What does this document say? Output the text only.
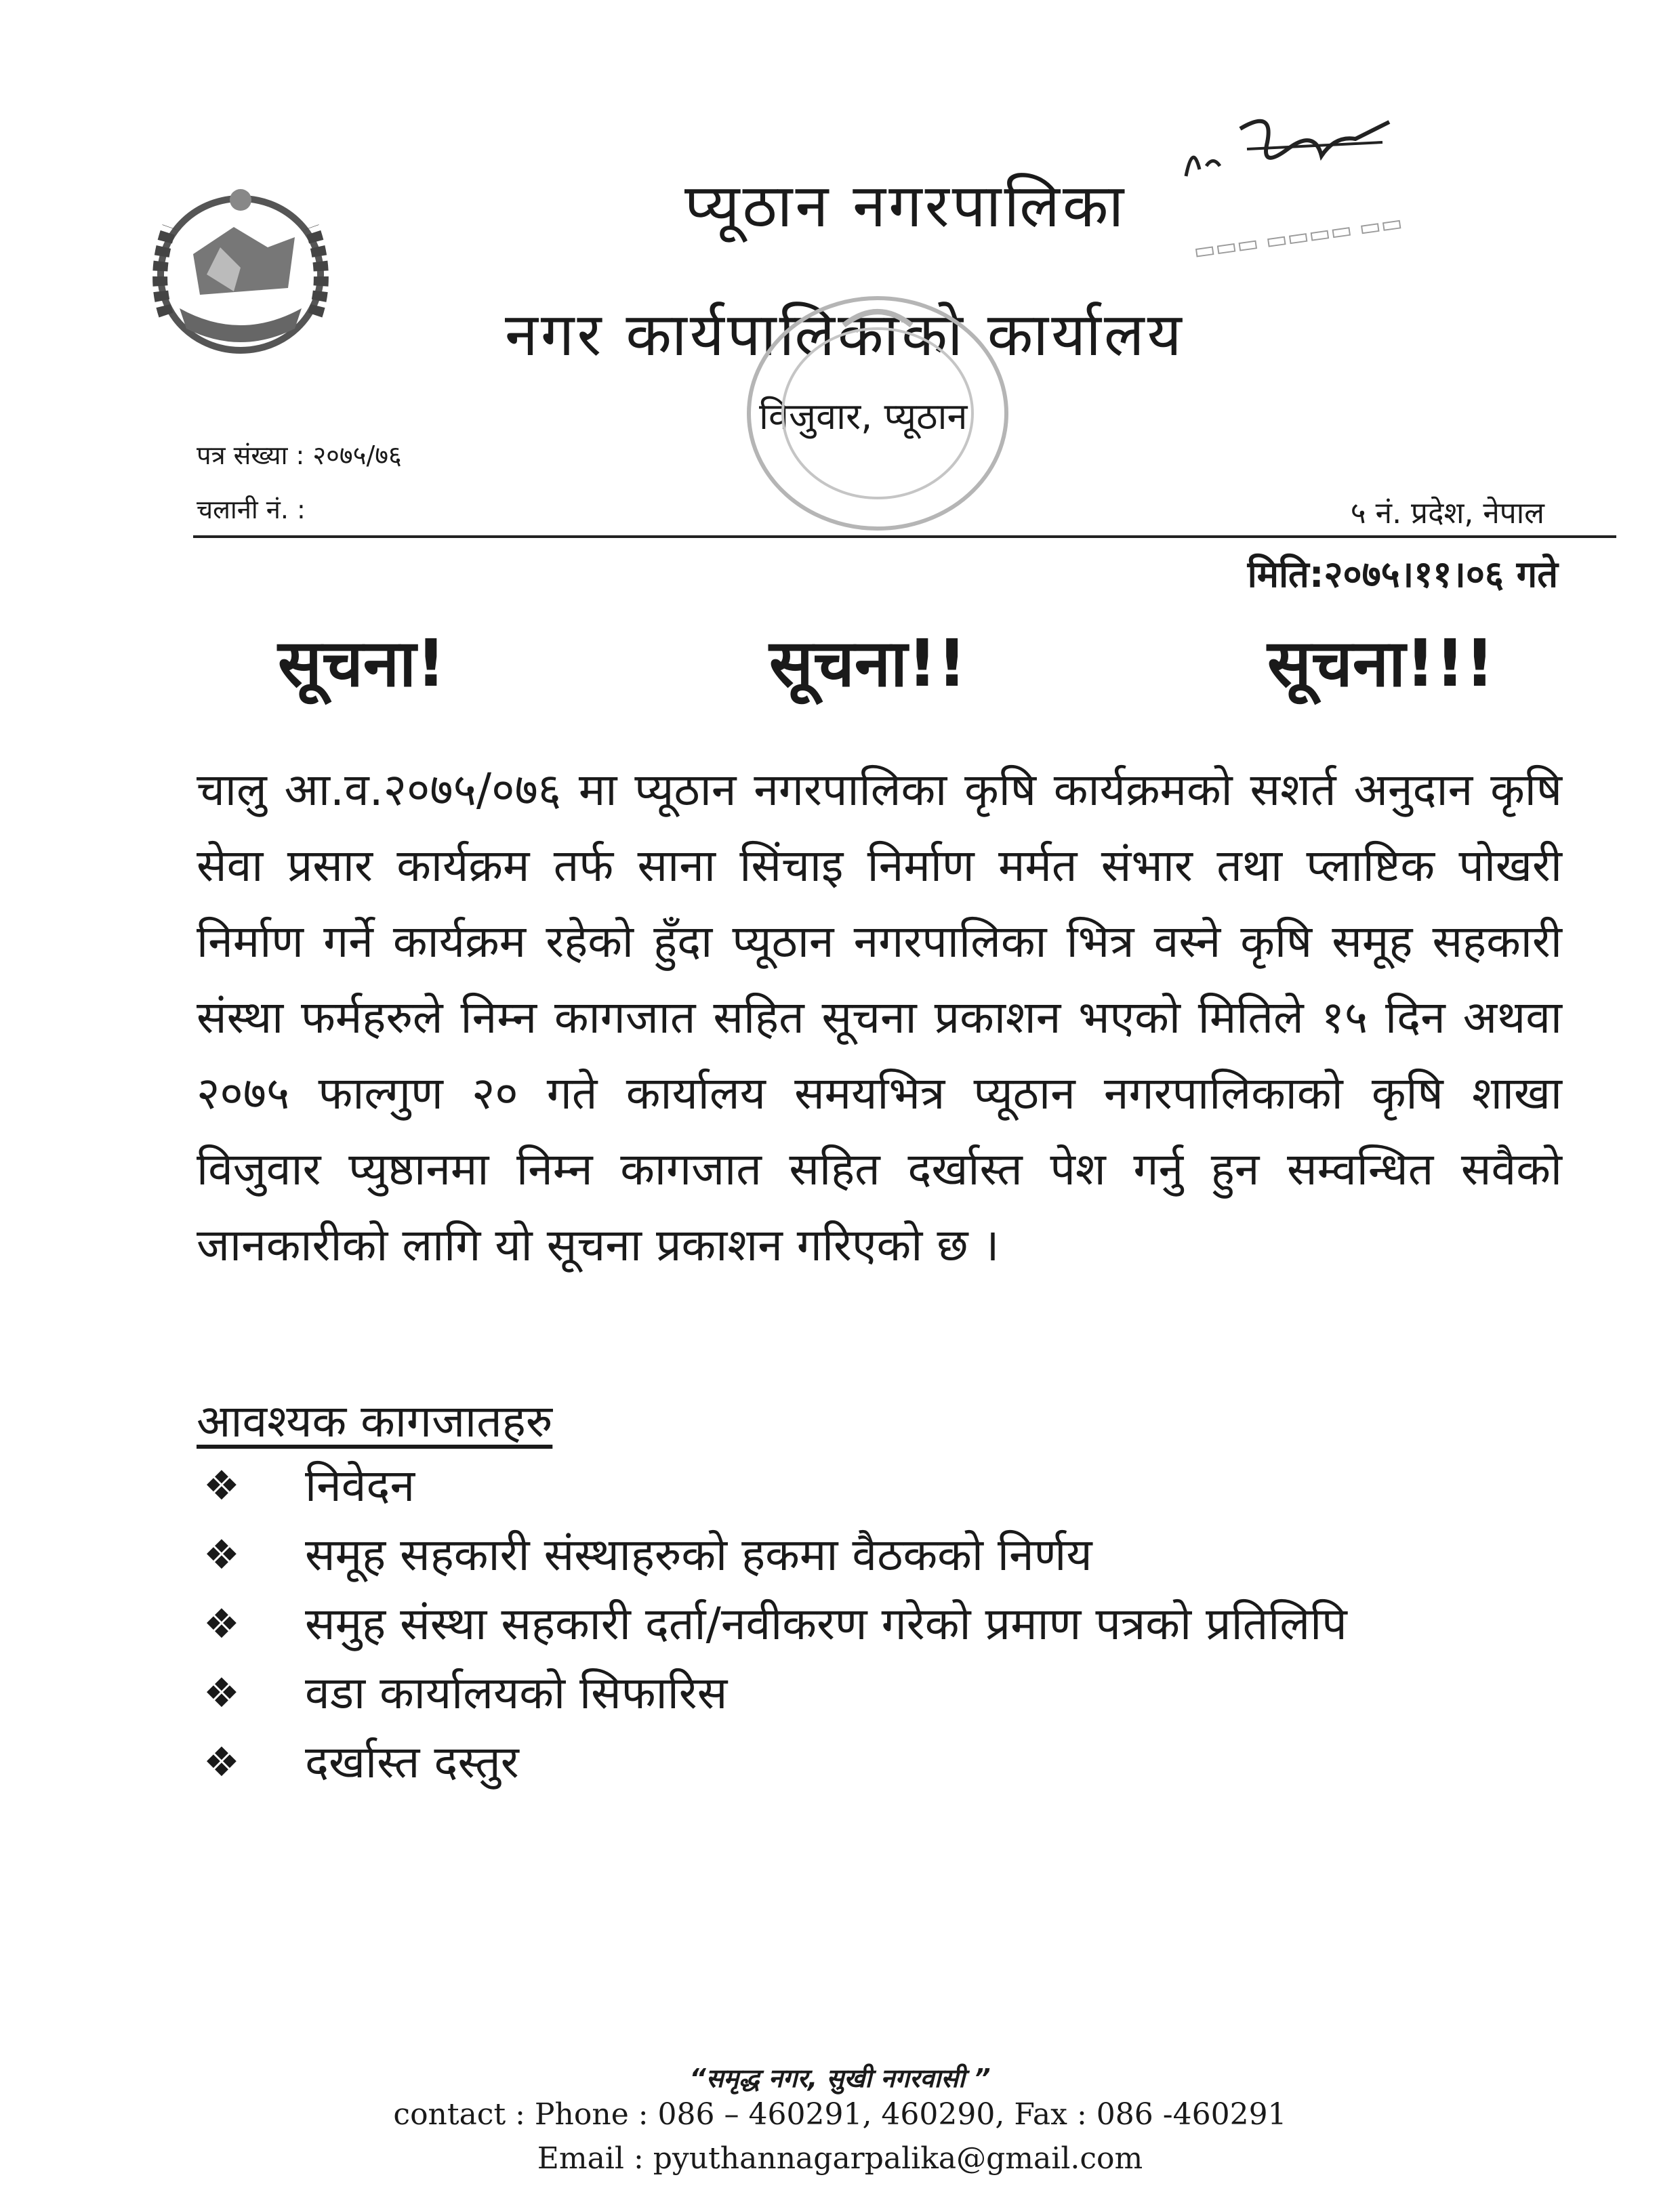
प्यूठान नगरपालिका
नगर कार्यपालिकाको कार्यालय
विजुवार, प्यूठान
▭▭▭ ▭▭▭▭ ▭▭
पत्र संख्या : २०७५/७६
चलानी नं. :	५ नं. प्रदेश, नेपाल
मिति:२०७५।११।०६ गते
सूचना!	सूचना!!	सूचना!!!
चालु आ.व.२०७५/०७६ मा प्यूठान नगरपालिका कृषि कार्यक्रमको सशर्त अनुदान कृषि सेवा प्रसार कार्यक्रम तर्फ साना सिंचाइ निर्माण मर्मत संभार तथा प्लाष्टिक पोखरी निर्माण गर्ने कार्यक्रम रहेको हुँदा प्यूठान नगरपालिका भित्र वस्ने कृषि समूह सहकारी संस्था फर्महरुले निम्न कागजात सहित सूचना प्रकाशन भएको मितिले १५ दिन अथवा २०७५ फाल्गुण २० गते कार्यालय समयभित्र प्यूठान नगरपालिकाको कृषि शाखा विजुवार प्युष्ठानमा निम्न कागजात सहित दर्खास्त पेश गर्नु हुन सम्वन्धित सवैको जानकारीको लागि यो सूचना प्रकाशन गरिएको छ ।
आवश्यक कागजातहरु
❖ निवेदन
❖ समूह सहकारी संस्थाहरुको हकमा वैठकको निर्णय
❖ समुह संस्था सहकारी दर्ता/नवीकरण गरेको प्रमाण पत्रको प्रतिलिपि
❖ वडा कार्यालयको सिफारिस
❖ दर्खास्त दस्तुर
“समृद्ध नगर, सुखी नगरवासी ”
contact : Phone : 086 – 460291, 460290, Fax : 086 -460291
Email : pyuthannagarpalika@gmail.com
